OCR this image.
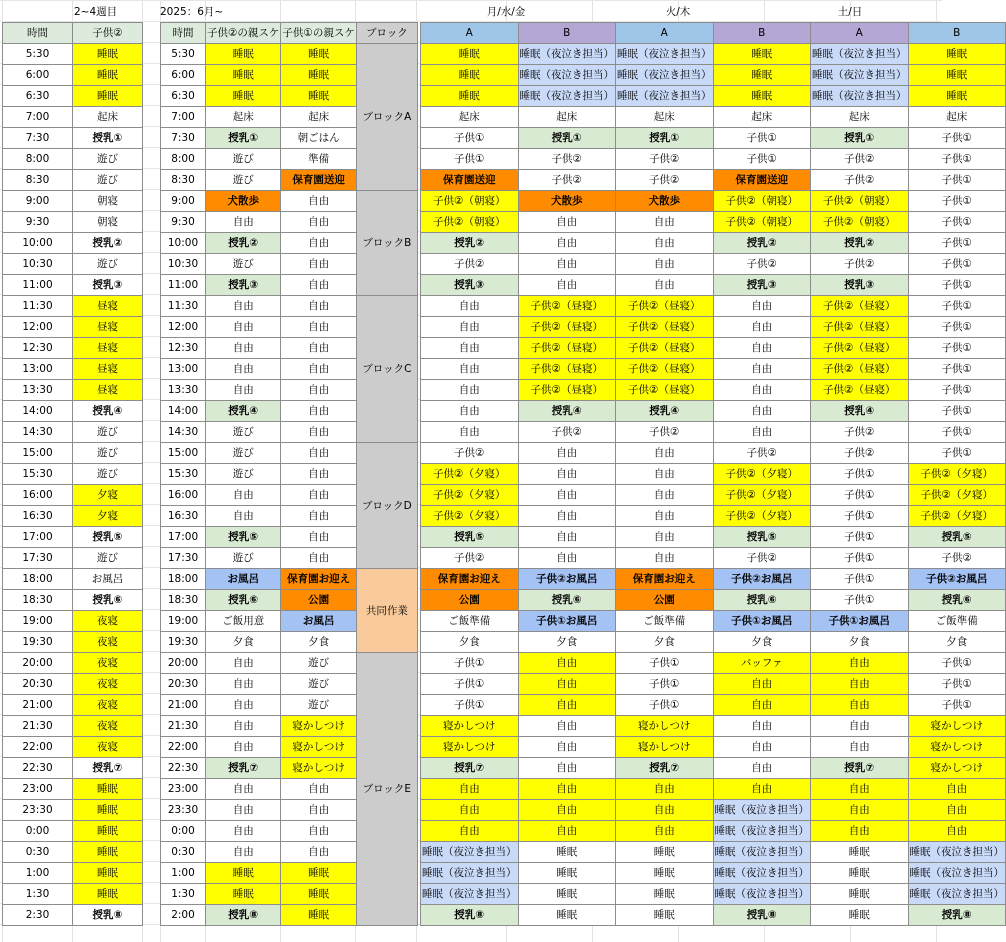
2~4週目
時間	子供②
5:30	睡眠
6:00	睡眠
6:30	睡眠
7:00	起床
7:30	授乳①
8:00	遊び
8:30	遊び
9:00	朝寝
9:30	朝寝
10:00	授乳②
10:30	遊び
11:00	授乳③
11:30	昼寝
12:00	昼寝
12:30	昼寝
13:00	昼寝
13:30	昼寝
14:00	授乳④
14:30	遊び
15:00	遊び
15:30	遊び
16:00	夕寝
16:30	夕寝
17:00	授乳⑤
17:30	遊び
18:00	お風呂
18:30	授乳⑥
19:00	夜寝
19:30	夜寝
20:00	夜寝
20:30	夜寝
21:00	夜寝
21:30	夜寝
22:00	夜寝
22:30	授乳⑦
23:00	睡眠
23:30	睡眠
0:00	睡眠
0:30	睡眠
1:00	睡眠
1:30	睡眠
2:30	授乳⑧
2025：6月~
時間	子供②の親スケ	子供①の親スケ	ブロック
5:30	睡眠	睡眠	ブロックA
6:00	睡眠	睡眠	
6:30	睡眠	睡眠	
7:00	起床	起床	
7:30	授乳①	朝ごはん	
8:00	遊び	準備	
8:30	遊び	保育園送迎	
9:00	犬散歩	自由	ブロックB
9:30	自由	自由	
10:00	授乳②	自由	
10:30	遊び	自由	
11:00	授乳③	自由	
11:30	自由	自由	ブロックC
12:00	自由	自由	
12:30	自由	自由	
13:00	自由	自由	
13:30	自由	自由	
14:00	授乳④	自由	
14:30	遊び	自由	
15:00	遊び	自由	ブロックD
15:30	遊び	自由	
16:00	自由	自由	
16:30	自由	自由	
17:00	授乳⑤	自由	
17:30	遊び	自由	
18:00	お風呂	保育園お迎え	共同作業
18:30	授乳⑥	公園	
19:00	ご飯用意	お風呂	
19:30	夕食	夕食	
20:00	自由	遊び	ブロックE
20:30	自由	遊び	
21:00	自由	遊び	
21:30	自由	寝かしつけ	
22:00	自由	寝かしつけ	
22:30	授乳⑦	寝かしつけ	
23:00	自由	自由	
23:30	自由	自由	
0:00	自由	自由	
0:30	自由	自由	
1:00	睡眠	睡眠	
1:30	睡眠	睡眠	
2:00	授乳⑧	睡眠	
月/水/金	火/木	土/日
A	B	A	B	A	B
睡眠	睡眠（夜泣き担当）	睡眠（夜泣き担当）	睡眠	睡眠（夜泣き担当）	睡眠
睡眠	睡眠（夜泣き担当）	睡眠（夜泣き担当）	睡眠	睡眠（夜泣き担当）	睡眠
睡眠	睡眠（夜泣き担当）	睡眠（夜泣き担当）	睡眠	睡眠（夜泣き担当）	睡眠
起床	起床	起床	起床	起床	起床
子供①	授乳①	授乳①	子供①	授乳①	子供①
子供①	子供②	子供②	子供①	子供②	子供①
保育園送迎	子供②	子供②	保育園送迎	子供②	子供①
子供②（朝寝）	犬散歩	犬散歩	子供②（朝寝）	子供②（朝寝）	子供①
子供②（朝寝）	自由	自由	子供②（朝寝）	子供②（朝寝）	子供①
授乳②	自由	自由	授乳②	授乳②	子供①
子供②	自由	自由	子供②	子供②	子供①
授乳③	自由	自由	授乳③	授乳③	子供①
自由	子供②（昼寝）	子供②（昼寝）	自由	子供②（昼寝）	子供①
自由	子供②（昼寝）	子供②（昼寝）	自由	子供②（昼寝）	子供①
自由	子供②（昼寝）	子供②（昼寝）	自由	子供②（昼寝）	子供①
自由	子供②（昼寝）	子供②（昼寝）	自由	子供②（昼寝）	子供①
自由	子供②（昼寝）	子供②（昼寝）	自由	子供②（昼寝）	子供①
自由	授乳④	授乳④	自由	授乳④	子供①
自由	子供②	子供②	自由	子供②	子供①
子供②	自由	自由	子供②	子供②	子供①
子供②（夕寝）	自由	自由	子供②（夕寝）	子供①	子供②（夕寝）
子供②（夕寝）	自由	自由	子供②（夕寝）	子供①	子供②（夕寝）
子供②（夕寝）	自由	自由	子供②（夕寝）	子供①	子供②（夕寝）
授乳⑤	自由	自由	授乳⑤	子供①	授乳⑤
子供②	自由	自由	子供②	子供①	子供②
保育園お迎え	子供②お風呂	保育園お迎え	子供②お風呂	子供①	子供②お風呂
公園	授乳⑥	公園	授乳⑥	子供①	授乳⑥
ご飯準備	子供①お風呂	ご飯準備	子供①お風呂	子供①お風呂	ご飯準備
夕食	夕食	夕食	夕食	夕食	夕食
子供①	自由	子供①	バッファ	自由	子供①
子供①	自由	子供①	自由	自由	子供①
子供①	自由	子供①	自由	自由	子供①
寝かしつけ	自由	寝かしつけ	自由	自由	寝かしつけ
寝かしつけ	自由	寝かしつけ	自由	自由	寝かしつけ
授乳⑦	自由	授乳⑦	自由	授乳⑦	寝かしつけ
自由	自由	自由	自由	自由	自由
自由	自由	自由	睡眠（夜泣き担当）	自由	自由
自由	自由	自由	睡眠（夜泣き担当）	自由	自由
睡眠（夜泣き担当）	睡眠	睡眠	睡眠（夜泣き担当）	睡眠	睡眠（夜泣き担当）
睡眠（夜泣き担当）	睡眠	睡眠	睡眠（夜泣き担当）	睡眠	睡眠（夜泣き担当）
睡眠（夜泣き担当）	睡眠	睡眠	睡眠（夜泣き担当）	睡眠	睡眠（夜泣き担当）
授乳⑧	睡眠	睡眠	授乳⑧	睡眠	授乳⑧
